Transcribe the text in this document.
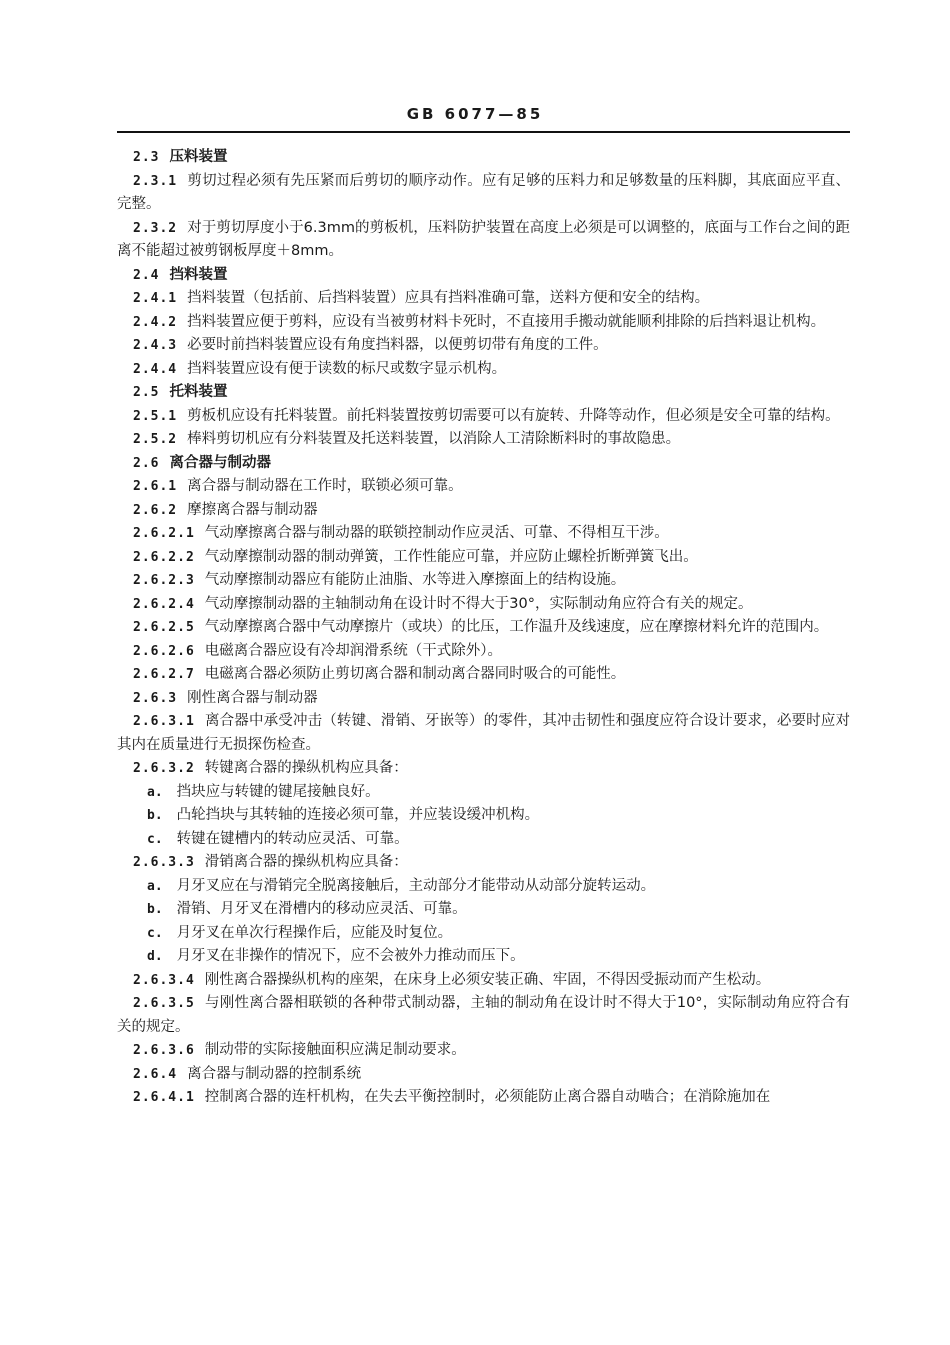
GB 6077—85

2.3 压料装置

2.3.1 剪切过程必须有先压紧而后剪切的顺序动作。应有足够的压料力和足够数量的压料脚，其底面应平直、完整。

2.3.2 对于剪切厚度小于6.3mm的剪板机，压料防护装置在高度上必须是可以调整的，底面与工作台之间的距离不能超过被剪钢板厚度＋8mm。

2.4 挡料装置

2.4.1 挡料装置（包括前、后挡料装置）应具有挡料准确可靠，送料方便和安全的结构。

2.4.2 挡料装置应便于剪料，应设有当被剪材料卡死时，不直接用手搬动就能顺利排除的后挡料退让机构。

2.4.3 必要时前挡料装置应设有角度挡料器，以便剪切带有角度的工件。

2.4.4 挡料装置应设有便于读数的标尺或数字显示机构。

2.5 托料装置

2.5.1 剪板机应设有托料装置。前托料装置按剪切需要可以有旋转、升降等动作，但必须是安全可靠的结构。

2.5.2 棒料剪切机应有分料装置及托送料装置，以消除人工清除断料时的事故隐患。

2.6 离合器与制动器

2.6.1 离合器与制动器在工作时，联锁必须可靠。

2.6.2 摩擦离合器与制动器

2.6.2.1 气动摩擦离合器与制动器的联锁控制动作应灵活、可靠、不得相互干涉。

2.6.2.2 气动摩擦制动器的制动弹簧，工作性能应可靠，并应防止螺栓折断弹簧飞出。

2.6.2.3 气动摩擦制动器应有能防止油脂、水等进入摩擦面上的结构设施。

2.6.2.4 气动摩擦制动器的主轴制动角在设计时不得大于30°，实际制动角应符合有关的规定。

2.6.2.5 气动摩擦离合器中气动摩擦片（或块）的比压，工作温升及线速度，应在摩擦材料允许的范围内。

2.6.2.6 电磁离合器应设有冷却润滑系统（干式除外）。

2.6.2.7 电磁离合器必须防止剪切离合器和制动离合器同时吸合的可能性。

2.6.3 刚性离合器与制动器

2.6.3.1 离合器中承受冲击（转键、滑销、牙嵌等）的零件，其冲击韧性和强度应符合设计要求，必要时应对其内在质量进行无损探伤检查。

2.6.3.2 转键离合器的操纵机构应具备：

a. 挡块应与转键的键尾接触良好。

b. 凸轮挡块与其转轴的连接必须可靠，并应装设缓冲机构。

c. 转键在键槽内的转动应灵活、可靠。

2.6.3.3 滑销离合器的操纵机构应具备：

a. 月牙叉应在与滑销完全脱离接触后，主动部分才能带动从动部分旋转运动。

b. 滑销、月牙叉在滑槽内的移动应灵活、可靠。

c. 月牙叉在单次行程操作后，应能及时复位。

d. 月牙叉在非操作的情况下，应不会被外力推动而压下。

2.6.3.4 刚性离合器操纵机构的座架，在床身上必须安装正确、牢固，不得因受振动而产生松动。

2.6.3.5 与刚性离合器相联锁的各种带式制动器，主轴的制动角在设计时不得大于10°，实际制动角应符合有关的规定。

2.6.3.6 制动带的实际接触面积应满足制动要求。

2.6.4 离合器与制动器的控制系统

2.6.4.1 控制离合器的连杆机构，在失去平衡控制时，必须能防止离合器自动啮合；在消除施加在
